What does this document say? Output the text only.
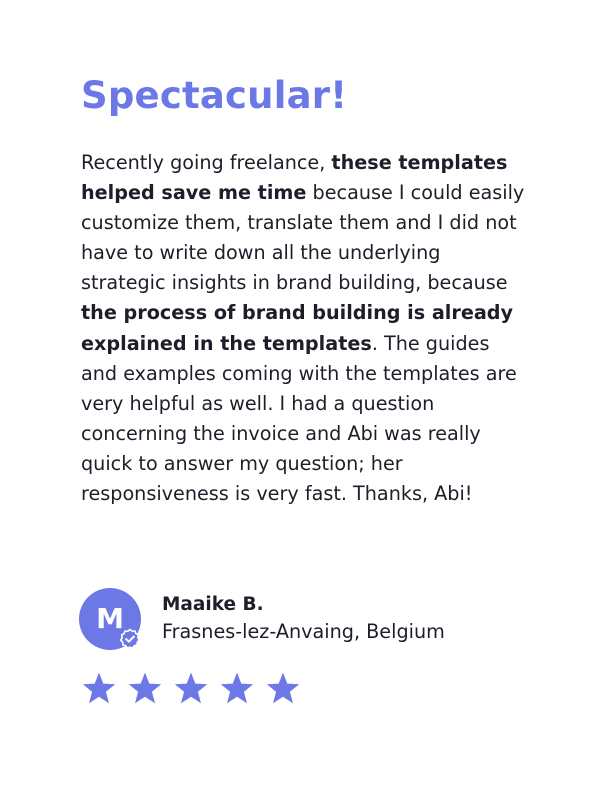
Spectacular!

Recently going freelance, these templates helped save me time because I could easily customize them, translate them and I did not have to write down all the underlying strategic insights in brand building, because the process of brand building is already explained in the templates. The guides and examples coming with the templates are very helpful as well. I had a question concerning the invoice and Abi was really quick to answer my question; her responsiveness is very fast. Thanks, Abi!

M Maaike B.
Frasnes-lez-Anvaing, Belgium
